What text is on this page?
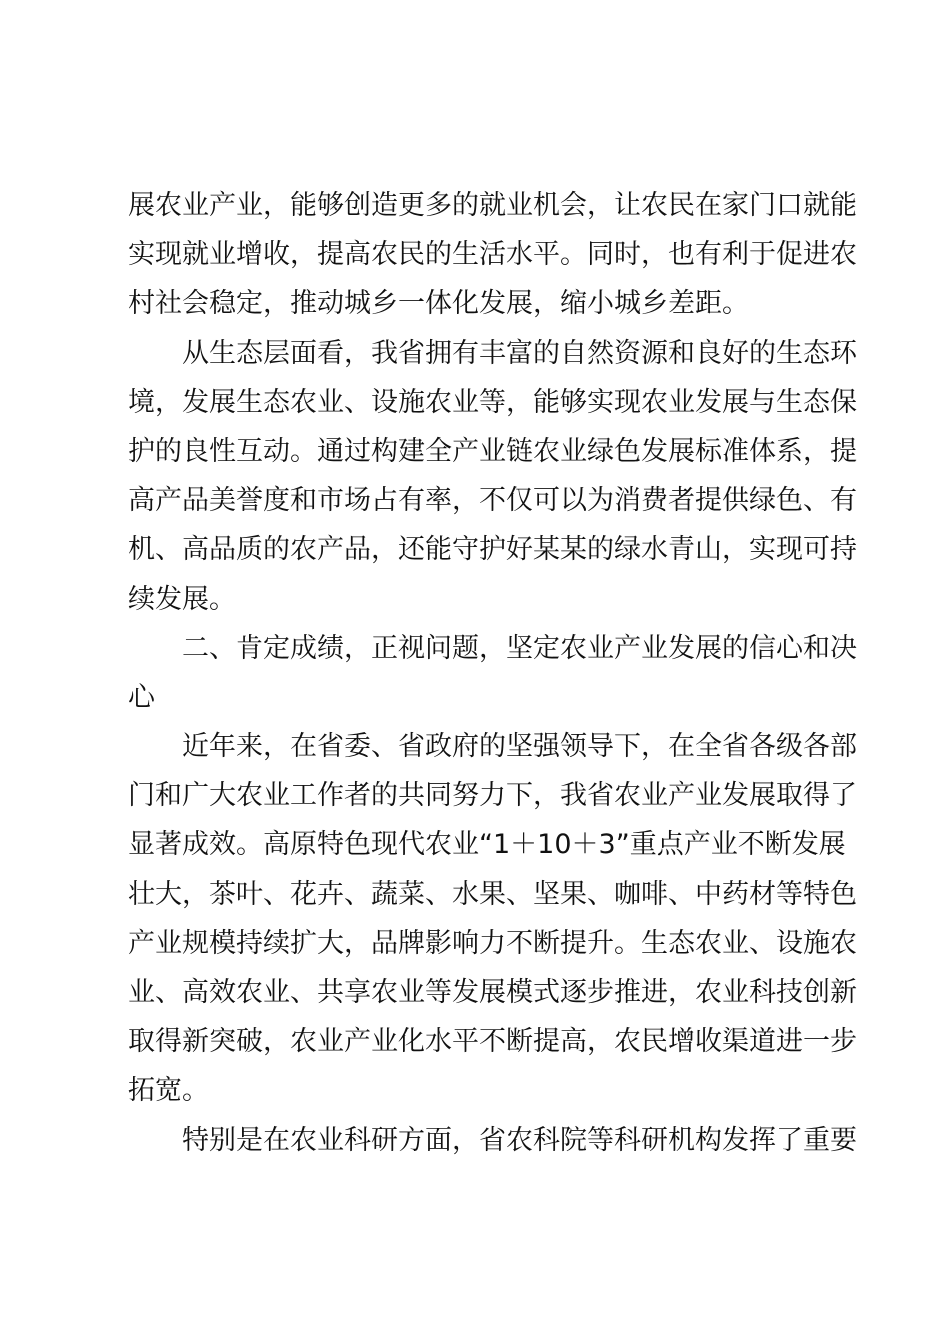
展农业产业，能够创造更多的就业机会，让农民在家门口就能
实现就业增收，提高农民的生活水平。同时，也有利于促进农
村社会稳定，推动城乡一体化发展，缩小城乡差距。
从生态层面看，我省拥有丰富的自然资源和良好的生态环
境，发展生态农业、设施农业等，能够实现农业发展与生态保
护的良性互动。通过构建全产业链农业绿色发展标准体系，提
高产品美誉度和市场占有率，不仅可以为消费者提供绿色、有
机、高品质的农产品，还能守护好某某的绿水青山，实现可持
续发展。
二、肯定成绩，正视问题，坚定农业产业发展的信心和决
心
近年来，在省委、省政府的坚强领导下，在全省各级各部
门和广大农业工作者的共同努力下，我省农业产业发展取得了
显著成效。高原特色现代农业“1＋10＋3”重点产业不断发展
壮大，茶叶、花卉、蔬菜、水果、坚果、咖啡、中药材等特色
产业规模持续扩大，品牌影响力不断提升。生态农业、设施农
业、高效农业、共享农业等发展模式逐步推进，农业科技创新
取得新突破，农业产业化水平不断提高，农民增收渠道进一步
拓宽。
特别是在农业科研方面，省农科院等科研机构发挥了重要
